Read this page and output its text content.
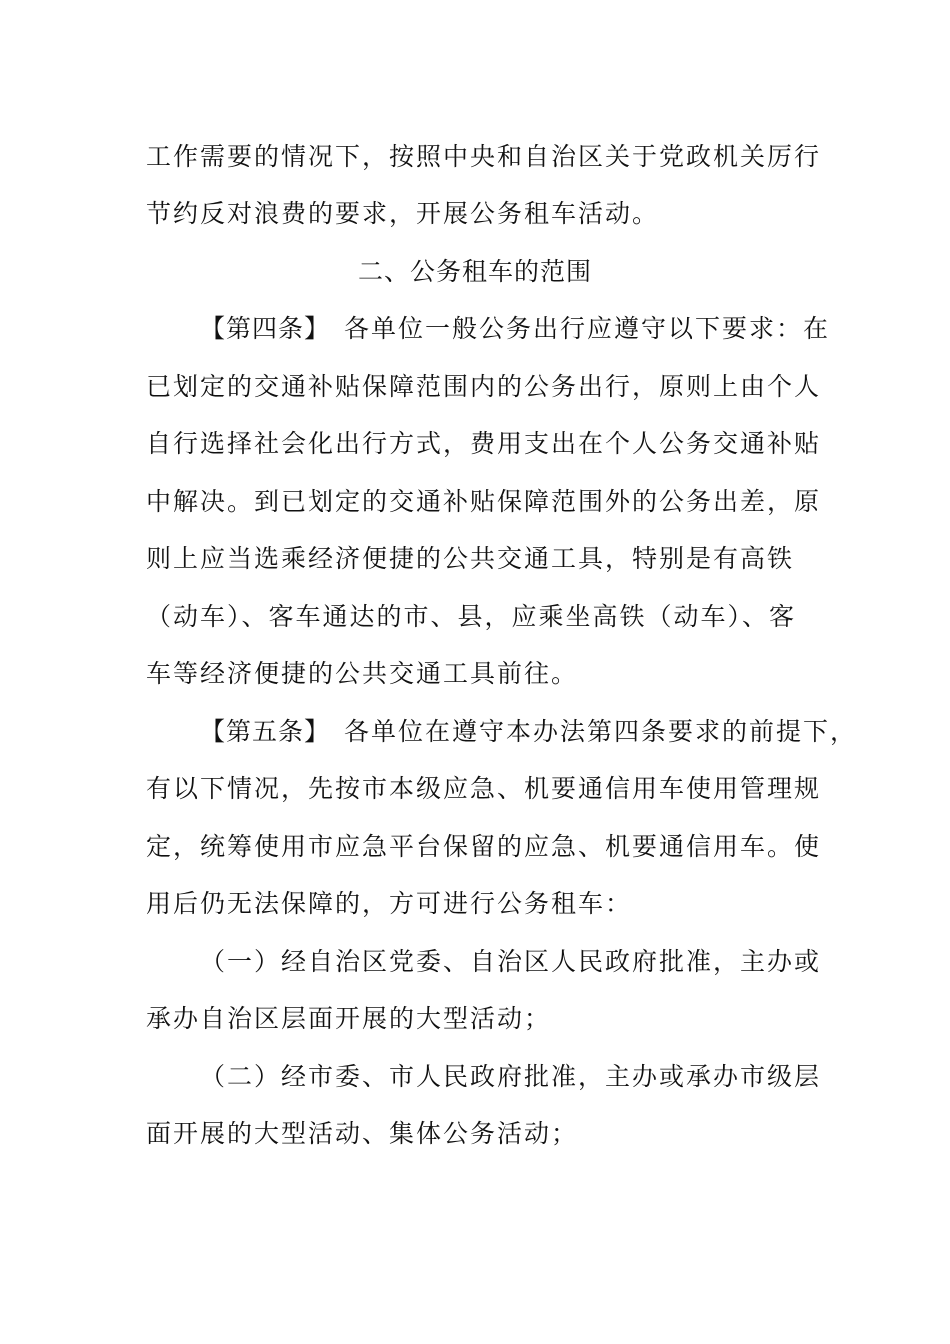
工作需要的情况下，按照中央和自治区关于党政机关厉行
节约反对浪费的要求，开展公务租车活动。
二、公务租车的范围
【第四条】 各单位一般公务出行应遵守以下要求：在
已划定的交通补贴保障范围内的公务出行，原则上由个人
自行选择社会化出行方式，费用支出在个人公务交通补贴
中解决。到已划定的交通补贴保障范围外的公务出差，原
则上应当选乘经济便捷的公共交通工具，特别是有高铁
（动车）、客车通达的市、县，应乘坐高铁（动车）、客
车等经济便捷的公共交通工具前往。
【第五条】 各单位在遵守本办法第四条要求的前提下，
有以下情况，先按市本级应急、机要通信用车使用管理规
定，统筹使用市应急平台保留的应急、机要通信用车。使
用后仍无法保障的，方可进行公务租车：
（一）经自治区党委、自治区人民政府批准，主办或
承办自治区层面开展的大型活动；
（二）经市委、市人民政府批准，主办或承办市级层
面开展的大型活动、集体公务活动；
